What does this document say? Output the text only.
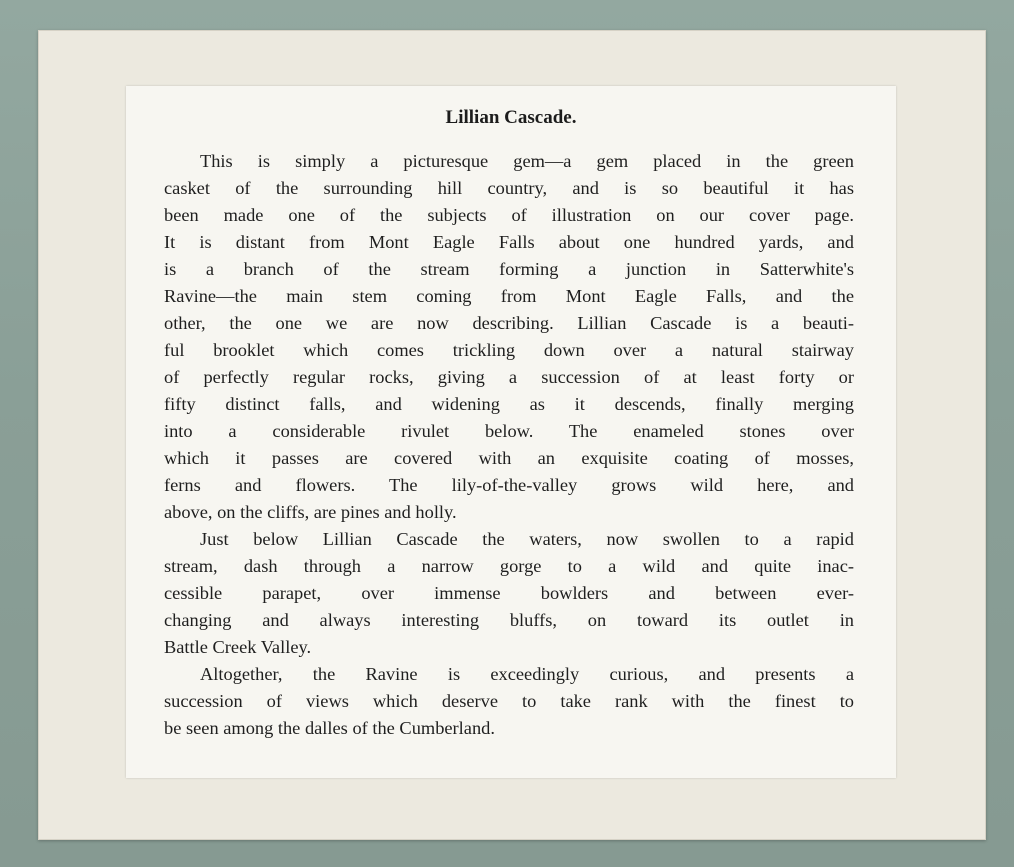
Lillian Cascade.

This is simply a picturesque gem—a gem placed in the green
casket of the surrounding hill country, and is so beautiful it has
been made one of the subjects of illustration on our cover page.
It is distant from Mont Eagle Falls about one hundred yards, and
is a branch of the stream forming a junction in Satterwhite's
Ravine—the main stem coming from Mont Eagle Falls, and the
other, the one we are now describing. Lillian Cascade is a beauti-
ful brooklet which comes trickling down over a natural stairway
of perfectly regular rocks, giving a succession of at least forty or
fifty distinct falls, and widening as it descends, finally merging
into a considerable rivulet below. The enameled stones over
which it passes are covered with an exquisite coating of mosses,
ferns and flowers. The lily-of-the-valley grows wild here, and
above, on the cliffs, are pines and holly.

Just below Lillian Cascade the waters, now swollen to a rapid
stream, dash through a narrow gorge to a wild and quite inac-
cessible parapet, over immense bowlders and between ever-
changing and always interesting bluffs, on toward its outlet in
Battle Creek Valley.

Altogether, the Ravine is exceedingly curious, and presents a
succession of views which deserve to take rank with the finest to
be seen among the dalles of the Cumberland.
